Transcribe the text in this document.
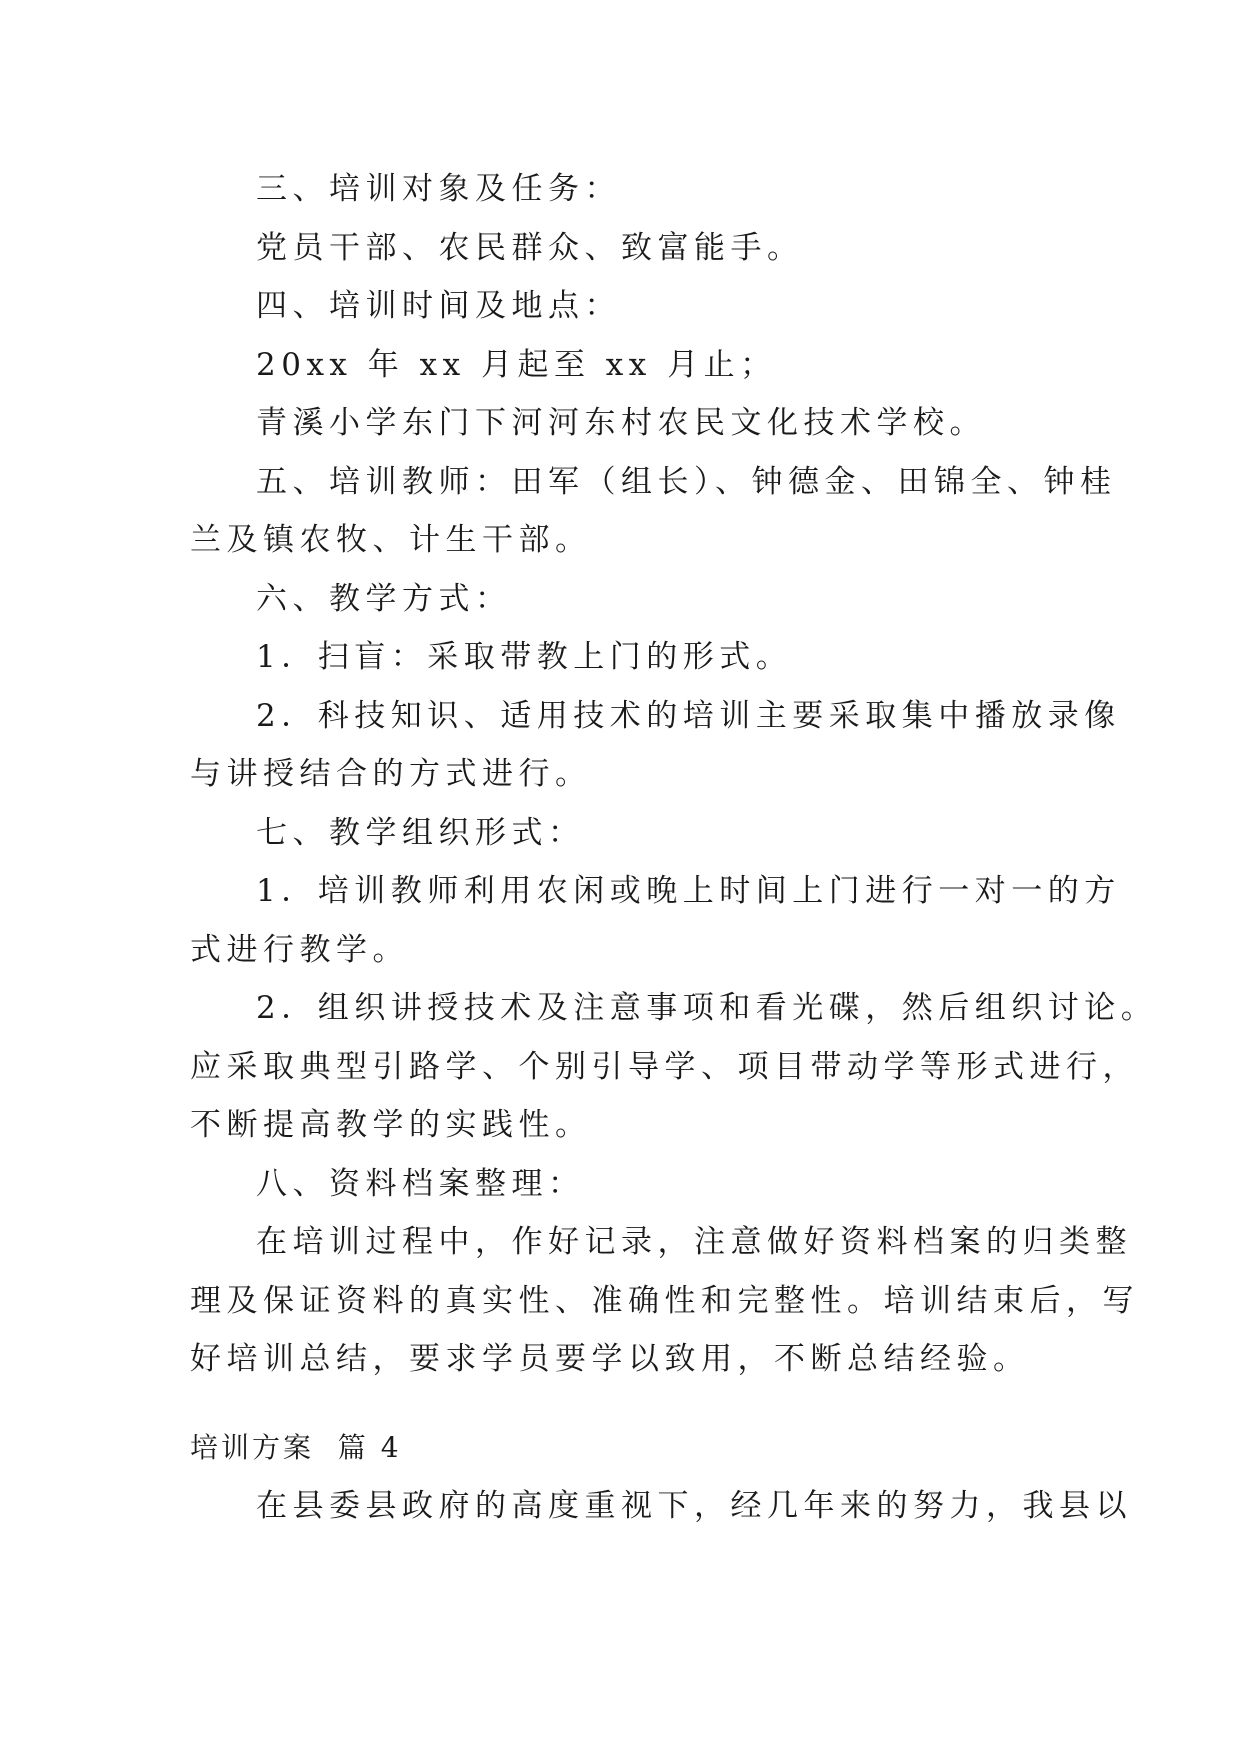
三、培训对象及任务：
党员干部、农民群众、致富能手。
四、培训时间及地点：
20xx 年 xx 月起至 xx 月止；
青溪小学东门下河河东村农民文化技术学校。
五、培训教师：田军（组长）、钟德金、田锦全、钟桂
兰及镇农牧、计生干部。
六、教学方式：
1．扫盲：采取带教上门的形式。
2．科技知识、适用技术的培训主要采取集中播放录像
与讲授结合的方式进行。
七、教学组织形式：
1．培训教师利用农闲或晚上时间上门进行一对一的方
式进行教学。
2．组织讲授技术及注意事项和看光碟，然后组织讨论。
应采取典型引路学、个别引导学、项目带动学等形式进行，
不断提高教学的实践性。
八、资料档案整理：
在培训过程中，作好记录，注意做好资料档案的归类整
理及保证资料的真实性、准确性和完整性。培训结束后，写
好培训总结，要求学员要学以致用，不断总结经验。
培训方案  篇 4
在县委县政府的高度重视下，经几年来的努力，我县以
